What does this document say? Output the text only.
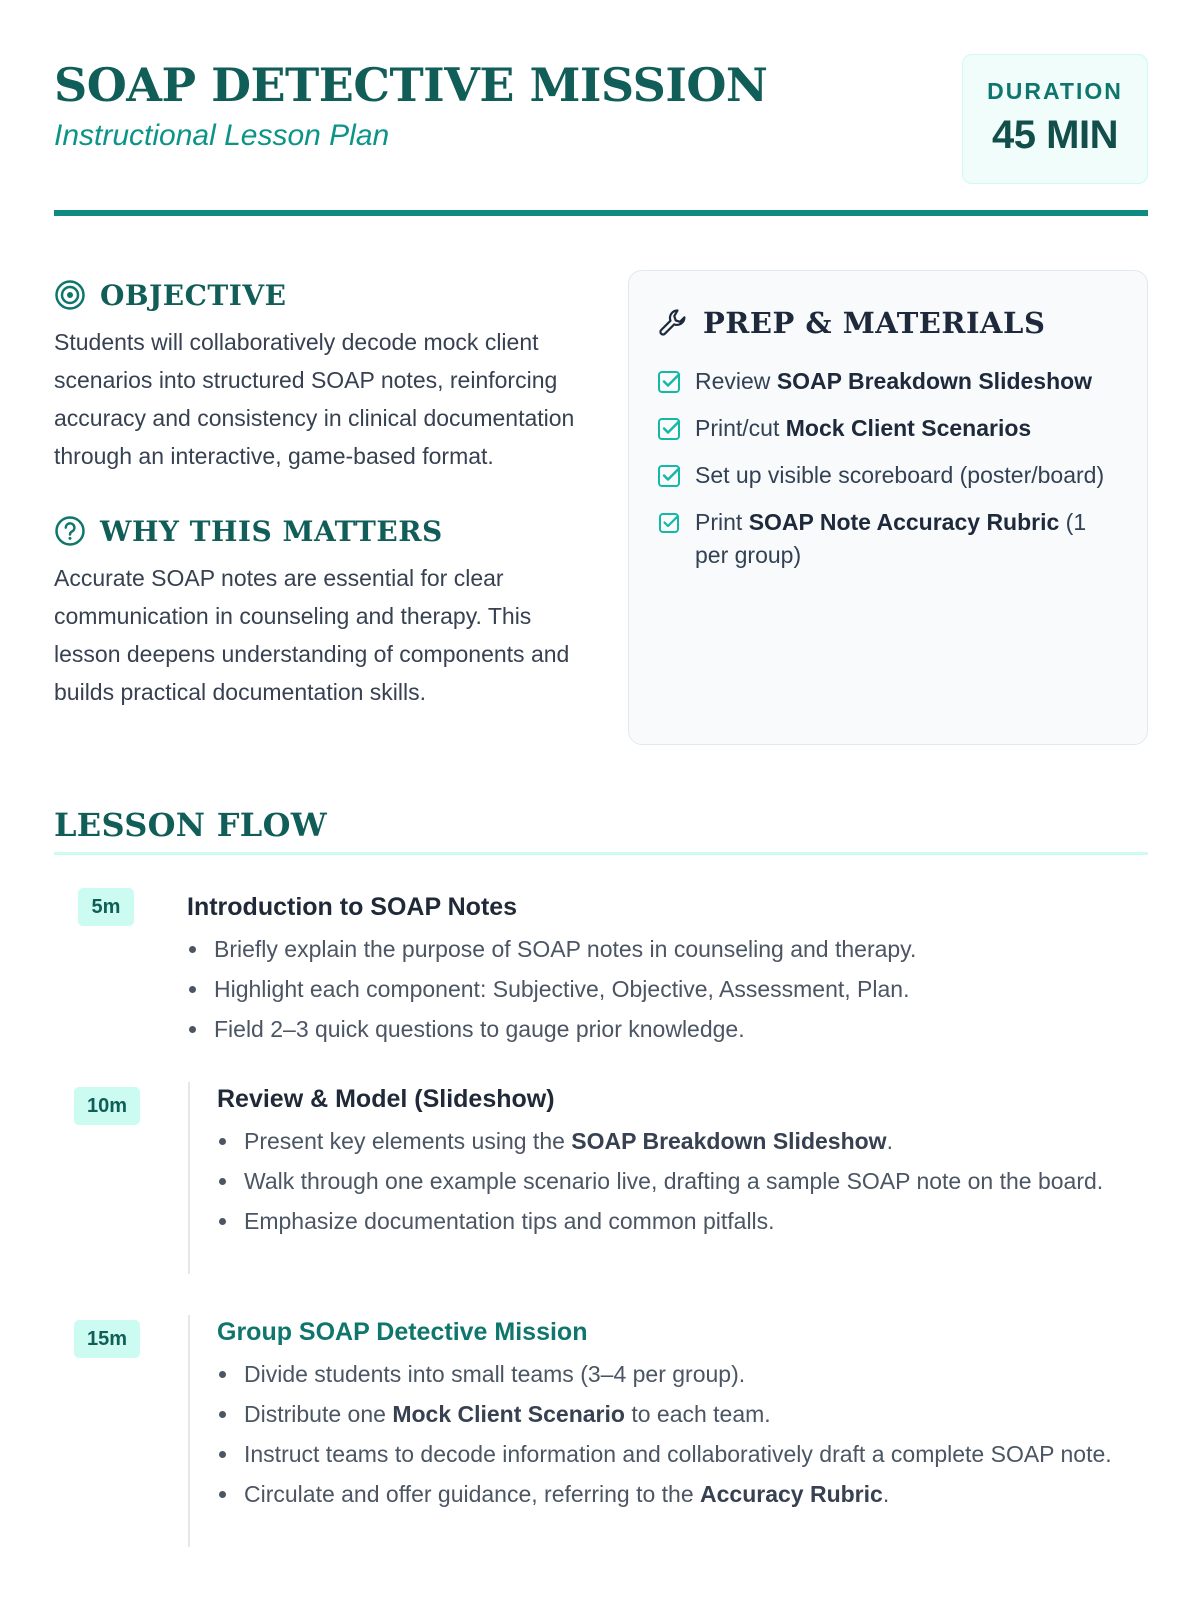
SOAP DETECTIVE MISSION
Instructional Lesson Plan
DURATION
45 MIN
OBJECTIVE

Students will collaboratively decode mock client scenarios into structured SOAP notes, reinforcing accuracy and consistency in clinical documentation through an interactive, game-based format.

WHY THIS MATTERS

Accurate SOAP notes are essential for clear communication in counseling and therapy. This lesson deepens understanding of components and builds practical documentation skills.

PREP & MATERIALS
Review SOAP Breakdown Slideshow
Print/cut Mock Client Scenarios
Set up visible scoreboard (poster/board)
Print SOAP Note Accuracy Rubric (1 per group)
LESSON FLOW
5m	Introduction to SOAP Notes
Briefly explain the purpose of SOAP notes in counseling and therapy.
Highlight each component: Subjective, Objective, Assessment, Plan.
Field 2–3 quick questions to gauge prior knowledge.
10m	Review & Model (Slideshow)
Present key elements using the SOAP Breakdown Slideshow.
Walk through one example scenario live, drafting a sample SOAP note on the board.
Emphasize documentation tips and common pitfalls.
15m	Group SOAP Detective Mission
Divide students into small teams (3–4 per group).
Distribute one Mock Client Scenario to each team.
Instruct teams to decode information and collaboratively draft a complete SOAP note.
Circulate and offer guidance, referring to the Accuracy Rubric.
